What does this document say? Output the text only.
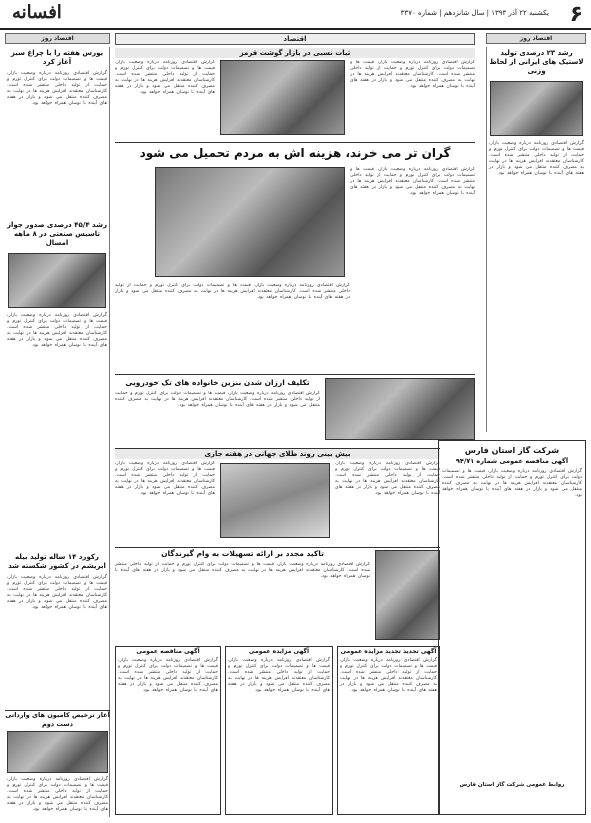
۶
یکشنبه ۲۲ آذر ۱۳۹۴ | سال شانزدهم | شماره ۳۳۷۰
افسانه
اقتصاد
اقتصاد روز	اقتصاد روز
بورس هفته را با چراغ سبز آغاز کرد
گزارش اقتصادی روزنامه درباره وضعیت بازار، قیمت ها و تصمیمات دولت برای کنترل تورم و حمایت از تولید داخلی منتشر شده است. کارشناسان معتقدند افزایش هزینه ها در نهایت به مصرف کننده منتقل می شود و بازار در هفته های آینده با نوسان همراه خواهد بود.
رشد ۴۵/۴ درصدی صدور جواز تاسیس صنعتی در ۸ ماهه امسال
گزارش اقتصادی روزنامه درباره وضعیت بازار، قیمت ها و تصمیمات دولت برای کنترل تورم و حمایت از تولید داخلی منتشر شده است. کارشناسان معتقدند افزایش هزینه ها در نهایت به مصرف کننده منتقل می شود و بازار در هفته های آینده با نوسان همراه خواهد بود.
رکورد ۱۴ ساله تولید بیله ابریشم در کشور شکسته شد
گزارش اقتصادی روزنامه درباره وضعیت بازار، قیمت ها و تصمیمات دولت برای کنترل تورم و حمایت از تولید داخلی منتشر شده است. کارشناسان معتقدند افزایش هزینه ها در نهایت به مصرف کننده منتقل می شود و بازار در هفته های آینده با نوسان همراه خواهد بود.
رشد ۲۳ درصدی تولید لاستیک های ایرانی از لحاظ وزنی
گزارش اقتصادی روزنامه درباره وضعیت بازار، قیمت ها و تصمیمات دولت برای کنترل تورم و حمایت از تولید داخلی منتشر شده است. کارشناسان معتقدند افزایش هزینه ها در نهایت به مصرف کننده منتقل می شود و بازار در هفته های آینده با نوسان همراه خواهد بود.
ثبات نسبی در بازار گوشت قرمز
گزارش اقتصادی روزنامه درباره وضعیت بازار، قیمت ها و تصمیمات دولت برای کنترل تورم و حمایت از تولید داخلی منتشر شده است. کارشناسان معتقدند افزایش هزینه ها در نهایت به مصرف کننده منتقل می شود و بازار در هفته های آینده با نوسان همراه خواهد بود.
گزارش اقتصادی روزنامه درباره وضعیت بازار، قیمت ها و تصمیمات دولت برای کنترل تورم و حمایت از تولید داخلی منتشر شده است. کارشناسان معتقدند افزایش هزینه ها در نهایت به مصرف کننده منتقل می شود و بازار در هفته های آینده با نوسان همراه خواهد بود.
گران تر می خرند، هزینه اش به مردم تحمیل می شود
گزارش اقتصادی روزنامه درباره وضعیت بازار، قیمت ها و تصمیمات دولت برای کنترل تورم و حمایت از تولید داخلی منتشر شده است. کارشناسان معتقدند افزایش هزینه ها در نهایت به مصرف کننده منتقل می شود و بازار در هفته های آینده با نوسان همراه خواهد بود.
گزارش اقتصادی روزنامه درباره وضعیت بازار، قیمت ها و تصمیمات دولت برای کنترل تورم و حمایت از تولید داخلی منتشر شده است. کارشناسان معتقدند افزایش هزینه ها در نهایت به مصرف کننده منتقل می شود و بازار در هفته های آینده با نوسان همراه خواهد بود.
تکلیف ارزان شدن بنزین خانواده های تک خودرویی
گزارش اقتصادی روزنامه درباره وضعیت بازار، قیمت ها و تصمیمات دولت برای کنترل تورم و حمایت از تولید داخلی منتشر شده است. کارشناسان معتقدند افزایش هزینه ها در نهایت به مصرف کننده منتقل می شود و بازار در هفته های آینده با نوسان همراه خواهد بود.
بیش بینی روند طلای جهانی در هفته جاری
گزارش اقتصادی روزنامه درباره وضعیت بازار، قیمت ها و تصمیمات دولت برای کنترل تورم و حمایت از تولید داخلی منتشر شده است. کارشناسان معتقدند افزایش هزینه ها در نهایت به مصرف کننده منتقل می شود و بازار در هفته های آینده با نوسان همراه خواهد بود.
گزارش اقتصادی روزنامه درباره وضعیت بازار، قیمت ها و تصمیمات دولت برای کنترل تورم و حمایت از تولید داخلی منتشر شده است. کارشناسان معتقدند افزایش هزینه ها در نهایت به مصرف کننده منتقل می شود و بازار در هفته های آینده با نوسان همراه خواهد بود.
تاکید مجدد بر ارائه تسهیلات به وام گیرندگان
گزارش اقتصادی روزنامه درباره وضعیت بازار، قیمت ها و تصمیمات دولت برای کنترل تورم و حمایت از تولید داخلی منتشر شده است. کارشناسان معتقدند افزایش هزینه ها در نهایت به مصرف کننده منتقل می شود و بازار در هفته های آینده با نوسان همراه خواهد بود.
شرکت گاز استان فارس
آگهی مناقصه عمومی شماره ۹۴/۷۱
گزارش اقتصادی روزنامه درباره وضعیت بازار، قیمت ها و تصمیمات دولت برای کنترل تورم و حمایت از تولید داخلی منتشر شده است. کارشناسان معتقدند افزایش هزینه ها در نهایت به مصرف کننده منتقل می شود و بازار در هفته های آینده با نوسان همراه خواهد بود.
روابط عمومی شرکت گاز استان فارس
آگهی تجدید تجدید مزایده عمومی
گزارش اقتصادی روزنامه درباره وضعیت بازار، قیمت ها و تصمیمات دولت برای کنترل تورم و حمایت از تولید داخلی منتشر شده است. کارشناسان معتقدند افزایش هزینه ها در نهایت به مصرف کننده منتقل می شود و بازار در هفته های آینده با نوسان همراه خواهد بود.
آگهی مزایده عمومی
گزارش اقتصادی روزنامه درباره وضعیت بازار، قیمت ها و تصمیمات دولت برای کنترل تورم و حمایت از تولید داخلی منتشر شده است. کارشناسان معتقدند افزایش هزینه ها در نهایت به مصرف کننده منتقل می شود و بازار در هفته های آینده با نوسان همراه خواهد بود.
آگهی مناقصه عمومی
گزارش اقتصادی روزنامه درباره وضعیت بازار، قیمت ها و تصمیمات دولت برای کنترل تورم و حمایت از تولید داخلی منتشر شده است. کارشناسان معتقدند افزایش هزینه ها در نهایت به مصرف کننده منتقل می شود و بازار در هفته های آینده با نوسان همراه خواهد بود.
آغاز ترخیص کامیون های وارداتی دست دوم
گزارش اقتصادی روزنامه درباره وضعیت بازار، قیمت ها و تصمیمات دولت برای کنترل تورم و حمایت از تولید داخلی منتشر شده است. کارشناسان معتقدند افزایش هزینه ها در نهایت به مصرف کننده منتقل می شود و بازار در هفته های آینده با نوسان همراه خواهد بود.
